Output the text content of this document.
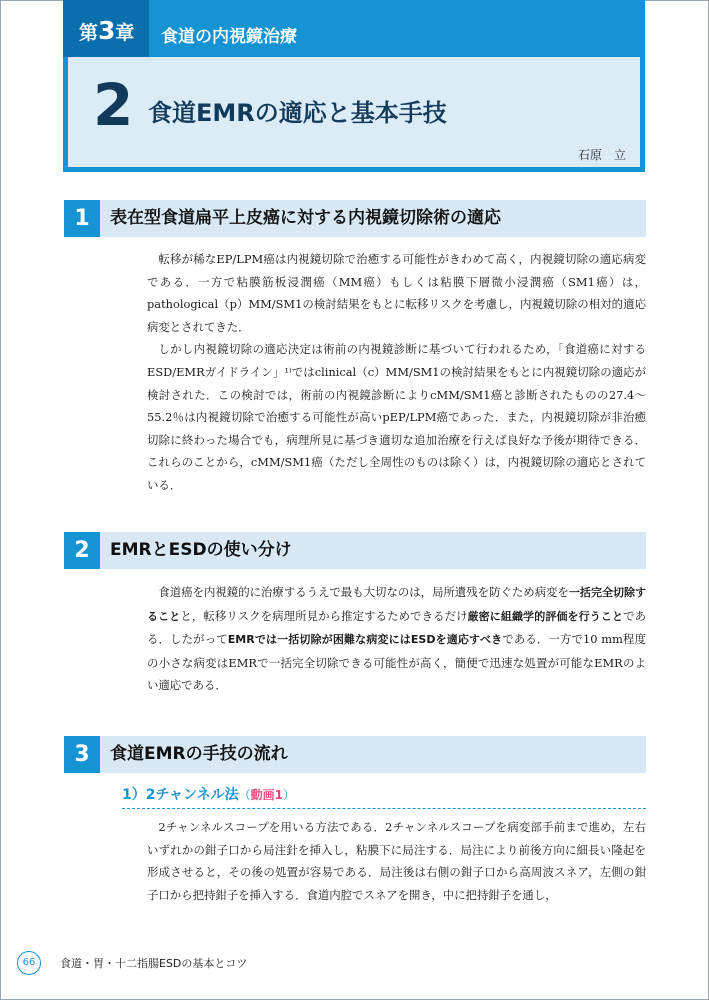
第3章 食道の内視鏡治療
2 食道EMRの適応と基本手技
石原　立
1	表在型食道扁平上皮癌に対する内視鏡切除術の適応

転移が稀なEP/LPM癌は内視鏡切除で治癒する可能性がきわめて高く，内視鏡切除の適応病変である．一方で粘膜筋板浸潤癌（MM癌）もしくは粘膜下層微小浸潤癌（SM1癌）は，pathological（p）MM/SM1の検討結果をもとに転移リスクを考慮し，内視鏡切除の相対的適応病変とされてきた．

しかし内視鏡切除の適応決定は術前の内視鏡診断に基づいて行われるため，「食道癌に対するESD/EMRガイドライン」¹⁾ではclinical（c）MM/SM1の検討結果をもとに内視鏡切除の適応が検討された．この検討では，術前の内視鏡診断によりcMM/SM1癌と診断されたものの27.4～55.2％は内視鏡切除で治癒する可能性が高いpEP/LPM癌であった．また，内視鏡切除が非治癒切除に終わった場合でも，病理所見に基づき適切な追加治療を行えば良好な予後が期待できる．これらのことから，cMM/SM1癌（ただし全周性のものは除く）は，内視鏡切除の適応とされている．

2	EMRとESDの使い分け

食道癌を内視鏡的に治療するうえで最も大切なのは，局所遺残を防ぐため病変を一括完全切除することと，転移リスクを病理所見から推定するためできるだけ厳密に組織学的評価を行うことである．したがってEMRでは一括切除が困難な病変にはESDを適応すべきである．一方で10 mm程度の小さな病変はEMRで一括完全切除できる可能性が高く，簡便で迅速な処置が可能なEMRのよい適応である．

3	食道EMRの手技の流れ
1）2チャンネル法（動画1）

2チャンネルスコープを用いる方法である．2チャンネルスコープを病変部手前まで進め，左右いずれかの鉗子口から局注針を挿入し，粘膜下に局注する．局注により前後方向に細長い隆起を形成させると，その後の処置が容易である．局注後は右側の鉗子口から高周波スネア，左側の鉗子口から把持鉗子を挿入する．食道内腔でスネアを開き，中に把持鉗子を通し，

66	食道・胃・十二指腸ESDの基本とコツ
